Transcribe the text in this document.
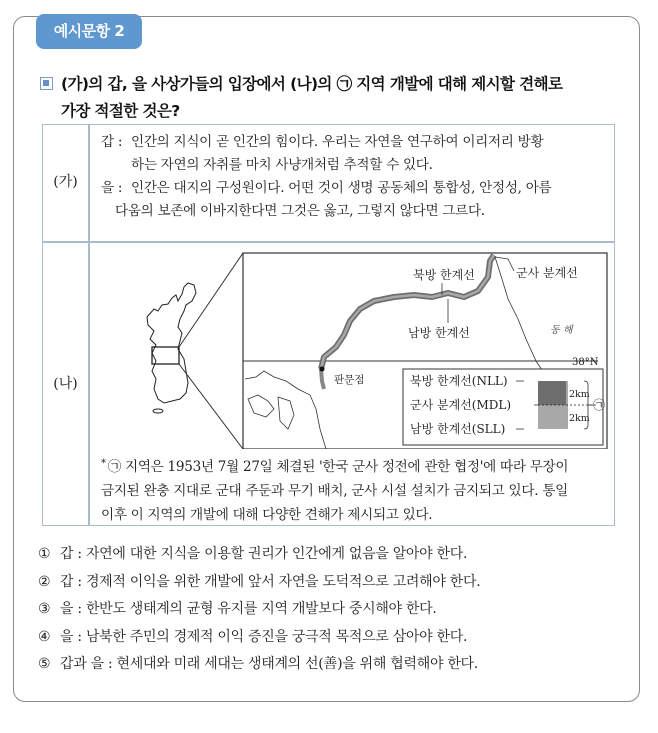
예시문항 2
(가)의 갑, 을 사상가들의 입장에서 (나)의 ㉠ 지역 개발에 대해 제시할 견해로
가장 적절한 것은?
(가)
갑 : 인간의 지식이 곧 인간의 힘이다. 우리는 자연을 연구하여 이리저리 방황
하는 자연의 자취를 마치 사냥개처럼 추적할 수 있다.
을 : 인간은 대지의 구성원이다. 어떤 것이 생명 공동체의 통합성, 안정성, 아름
다움의 보존에 이바지한다면 그것은 옳고, 그렇지 않다면 그르다.
(나)
38°N
판문점
북방 한계선	군사 분계선
남방 한계선	동 해
북방 한계선(NLL)
군사 분계선(MDL)
남방 한계선(SLL)
2km
2km
㉠
* ㉠ 지역은 1953년 7월 27일 체결된 '한국 군사 정전에 관한 협정'에 따라 무장이
금지된 완충 지대로 군대 주둔과 무기 배치, 군사 시설 설치가 금지되고 있다. 통일
이후 이 지역의 개발에 대해 다양한 견해가 제시되고 있다.
① 갑 : 자연에 대한 지식을 이용할 권리가 인간에게 없음을 알아야 한다.
② 갑 : 경제적 이익을 위한 개발에 앞서 자연을 도덕적으로 고려해야 한다.
③ 을 : 한반도 생태계의 균형 유지를 지역 개발보다 중시해야 한다.
④ 을 : 남북한 주민의 경제적 이익 증진을 궁극적 목적으로 삼아야 한다.
⑤ 갑과 을 : 현세대와 미래 세대는 생태계의 선(善)을 위해 협력해야 한다.
